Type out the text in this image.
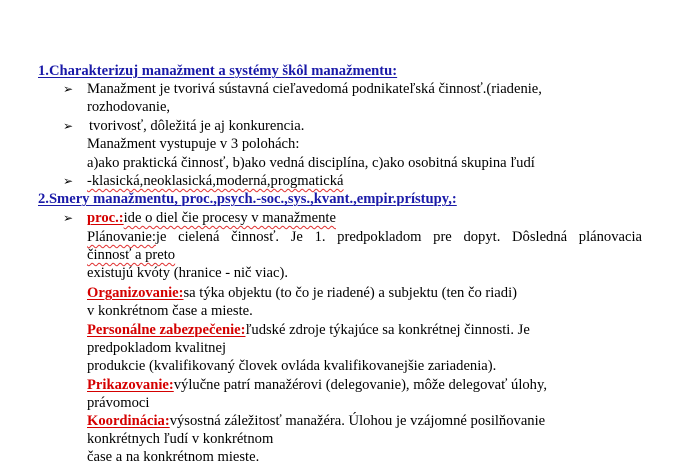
1.Charakterizuj manažment a systémy škôl manažmentu:
➢ Manažment je tvorivá sústavná cieľavedomá podnikateľská činnosť.(riadenie,
rozhodovanie,
➢ tvorivosť, dôležitá je aj konkurencia.
Manažment vystupuje v 3 polohách:
a)ako praktická činnosť, b)ako vedná disciplína, c)ako osobitná skupina ľudí
➢ -klasická,neoklasická,moderná,progmatická
2.Smery manažmentu, proc.,psych.-soc.,sys.,kvant.,empir.prístupy,:
➢ proc.:ide o diel čie procesy v manažmente
Plánovanie:je cielená činnosť. Je 1. predpokladom pre dopyt. Dôsledná plánovacia
činnosť a preto
existujú kvóty (hranice - nič viac).
Organizovanie:sa týka objektu (to čo je riadené) a subjektu (ten čo riadi)
v konkrétnom čase a mieste.
Personálne zabezpečenie:ľudské zdroje týkajúce sa konkrétnej činnosti. Je
predpokladom kvalitnej
produkcie (kvalifikovaný človek ovláda kvalifikovanejšie zariadenia).
Prikazovanie:výlučne patrí manažérovi (delegovanie), môže delegovať úlohy,
právomoci
Koordinácia:výsostná záležitosť manažéra. Úlohou je vzájomné posilňovanie
konkrétnych ľudí v konkrétnom
čase a na konkrétnom mieste.
